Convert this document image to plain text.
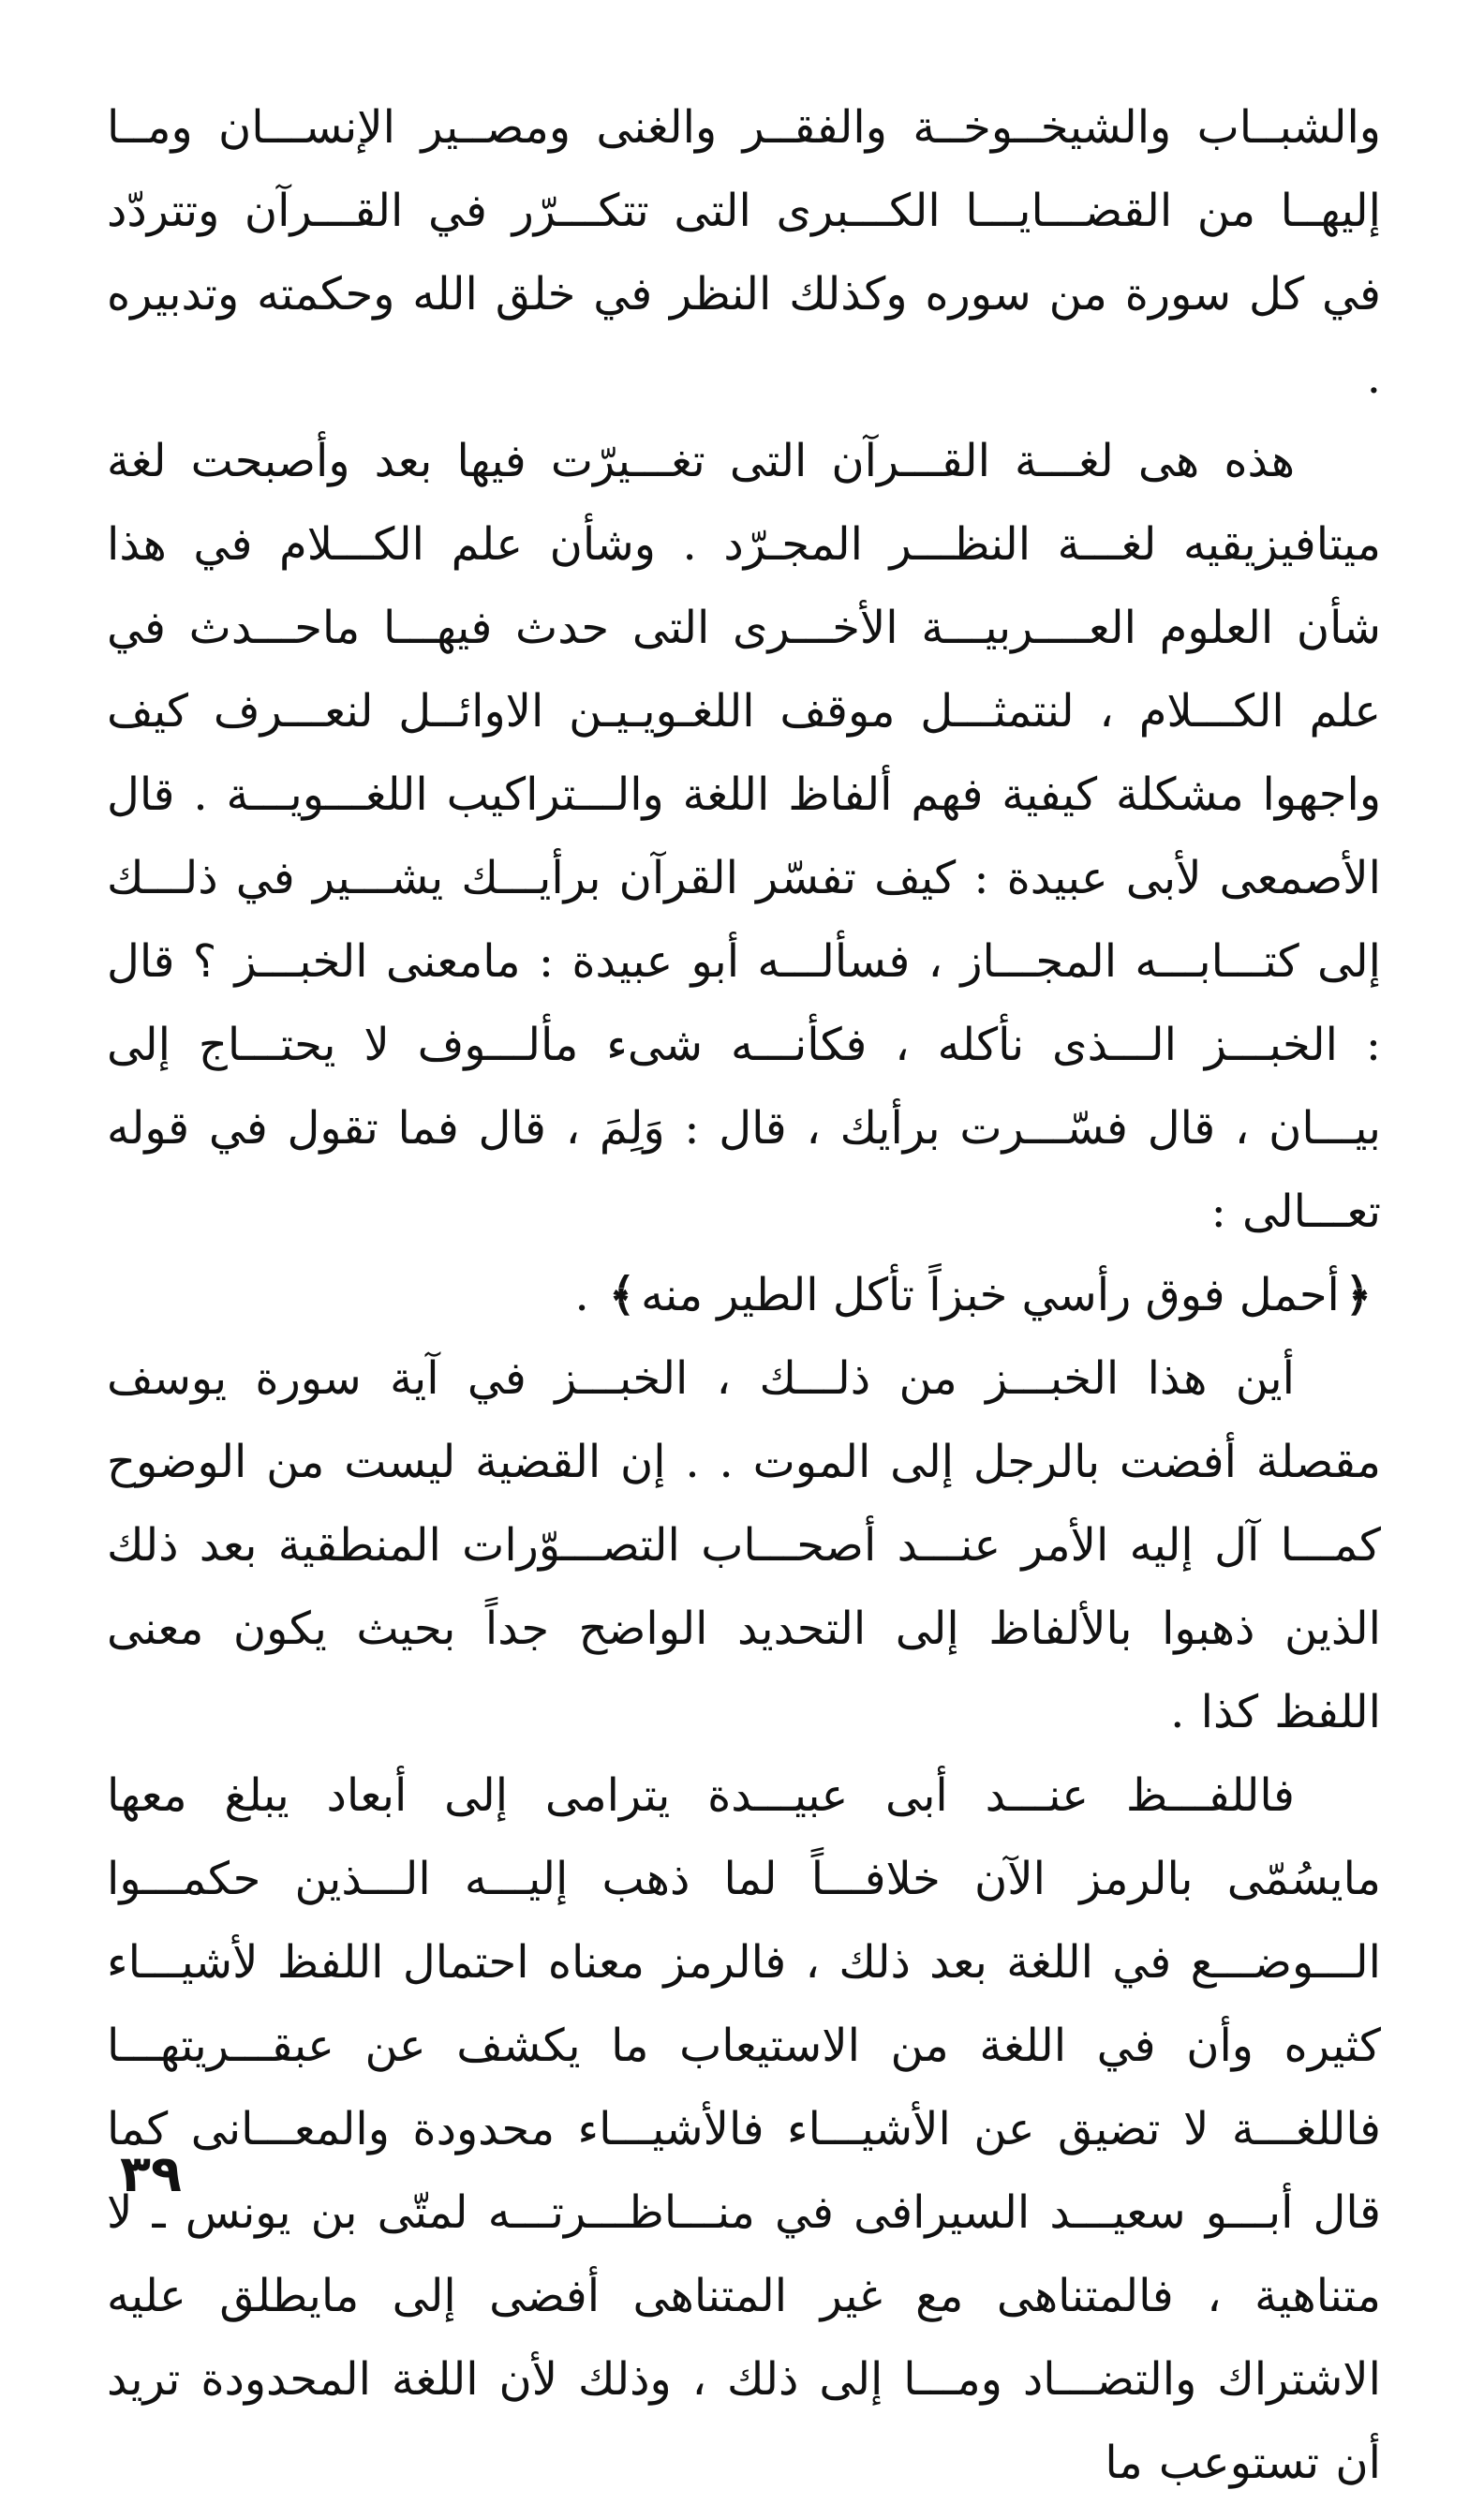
والشبــاب والشيخــوخــة والفقــر والغنى ومصــير الإنســـان ومــا إليهــا من القضـــايـــا الكـــبرى التى تتكـــرّر في القـــرآن وتتردّد في كل سورة من سوره وكذلك النظر في خلق الله وحكمته وتدبيره .

هذه هى لغـــة القـــرآن التى تغـــيرّت فيها بعد وأصبحت لغة ميتافيزيقيه لغـــة النظـــر المجـرّد . وشأن علم الكـــلام في هذا شأن العلوم العــــربيـــة الأخـــرى التى حدث فيهـــا ماحـــدث في علم الكـــلام ، لنتمثـــل موقف اللغـويـيـن الاوائــل لنعـــرف كيف واجهوا مشكلة كيفية فهم ألفاظ اللغة والـــتراكيب اللغـــويـــة . قال الأصمعى لأبى عبيدة : كيف تفسّر القرآن برأيـــك يشـــير في ذلـــك إلى كتـــابـــه المجـــاز ، فسألـــه أبو عبيدة : مامعنى الخبـــز ؟ قال : الخبـــز الـــذى نأكله ، فكأنـــه شىء مألـــوف لا يحتـــاج إلى بيـــان ، قال فسّـــرت برأيك ، قال : وَلِمَ ، قال فما تقول في قوله تعـــالى :

﴿أحمل فوق رأسي خبزاً تأكل الطير منه﴾ .

أين هذا الخبـــز من ذلـــك ، الخبـــز في آية سورة يوسف مقصلة أفضت بالرجل إلى الموت . . إن القضية ليست من الوضوح كمـــا آل إليه الأمر عنـــد أصحـــاب التصـــوّرات المنطقية بعد ذلك الذين ذهبوا بالألفاظ إلى التحديد الواضح جداً بحيث يكون معنى اللفظ كذا .

فاللفـــظ عنـــد أبى عبيـــدة يترامى إلى أبعاد يبلغ معها مايسُمّى بالرمز الآن خلافـــاً لما ذهب إليـــه الـــذين حكمـــوا الـــوضـــع في اللغة بعد ذلك ، فالرمز معناه احتمال اللفظ لأشيـــاء كثيره وأن في اللغة من الاستيعاب ما يكشف عن عبقـــريتهـــا فاللغـــة لا تضيق عن الأشيـــاء فالأشيـــاء محدودة والمعـــانى كما قال أبـــو سعيـــد السيرافى في منـــاظـــرتـــه لمتّى بن يونس ـ لا متناهية ، فالمتناهى مع غير المتناهى أفضى إلى مايطلق عليه الاشتراك والتضـــاد ومـــا إلى ذلك ، وذلك لأن اللغة المحدودة تريد أن تستوعب ما

٣٩
